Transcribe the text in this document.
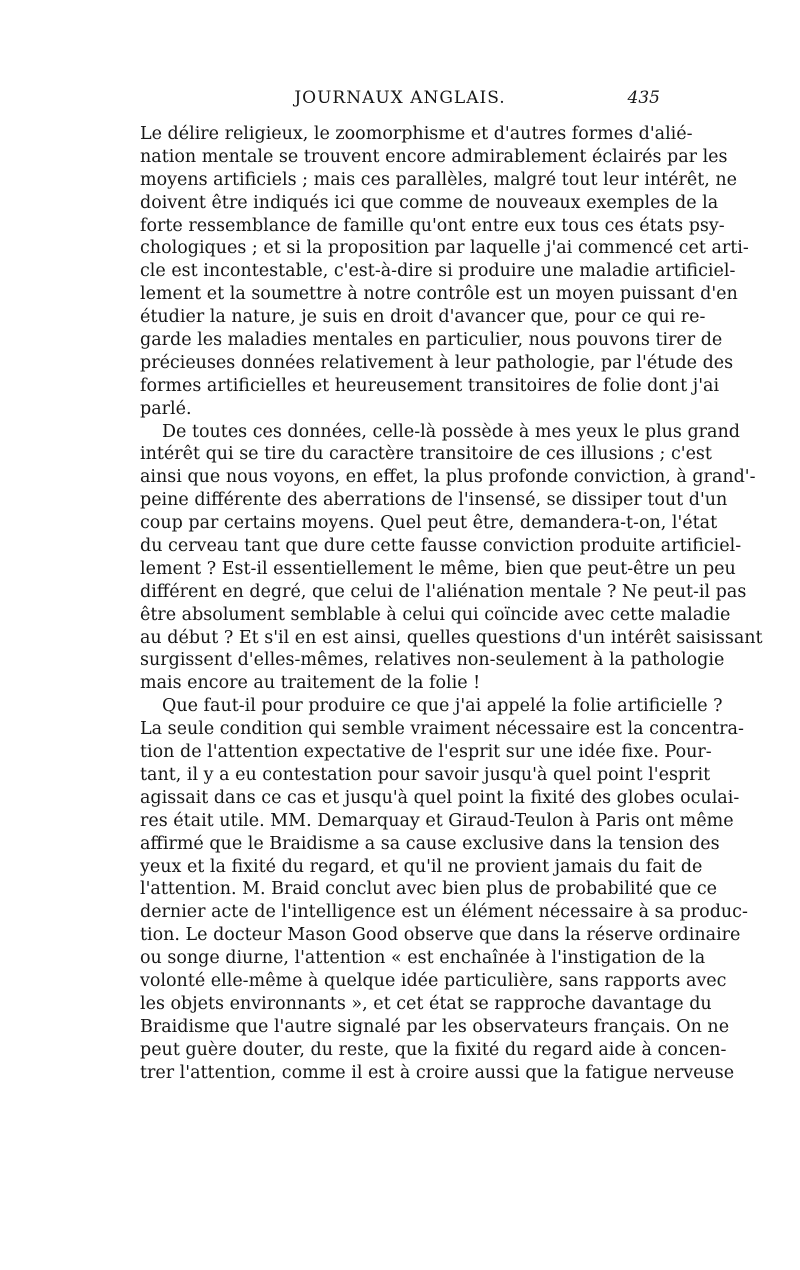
JOURNAUX ANGLAIS.	435
Le délire religieux, le zoomorphisme et d'autres formes d'alié-
nation mentale se trouvent encore admirablement éclairés par les
moyens artificiels ; mais ces parallèles, malgré tout leur intérêt, ne
doivent être indiqués ici que comme de nouveaux exemples de la
forte ressemblance de famille qu'ont entre eux tous ces états psy-
chologiques ; et si la proposition par laquelle j'ai commencé cet arti-
cle est incontestable, c'est-à-dire si produire une maladie artificiel-
lement et la soumettre à notre contrôle est un moyen puissant d'en
étudier la nature, je suis en droit d'avancer que, pour ce qui re-
garde les maladies mentales en particulier, nous pouvons tirer de
précieuses données relativement à leur pathologie, par l'étude des
formes artificielles et heureusement transitoires de folie dont j'ai
parlé.
De toutes ces données, celle-là possède à mes yeux le plus grand
intérêt qui se tire du caractère transitoire de ces illusions ; c'est
ainsi que nous voyons, en effet, la plus profonde conviction, à grand'-
peine différente des aberrations de l'insensé, se dissiper tout d'un
coup par certains moyens. Quel peut être, demandera-t-on, l'état
du cerveau tant que dure cette fausse conviction produite artificiel-
lement ? Est-il essentiellement le même, bien que peut-être un peu
différent en degré, que celui de l'aliénation mentale ? Ne peut-il pas
être absolument semblable à celui qui coïncide avec cette maladie
au début ? Et s'il en est ainsi, quelles questions d'un intérêt saisissant
surgissent d'elles-mêmes, relatives non-seulement à la pathologie
mais encore au traitement de la folie !
Que faut-il pour produire ce que j'ai appelé la folie artificielle ?
La seule condition qui semble vraiment nécessaire est la concentra-
tion de l'attention expectative de l'esprit sur une idée fixe. Pour-
tant, il y a eu contestation pour savoir jusqu'à quel point l'esprit
agissait dans ce cas et jusqu'à quel point la fixité des globes oculai-
res était utile. MM. Demarquay et Giraud-Teulon à Paris ont même
affirmé que le Braidisme a sa cause exclusive dans la tension des
yeux et la fixité du regard, et qu'il ne provient jamais du fait de
l'attention. M. Braid conclut avec bien plus de probabilité que ce
dernier acte de l'intelligence est un élément nécessaire à sa produc-
tion. Le docteur Mason Good observe que dans la réserve ordinaire
ou songe diurne, l'attention « est enchaînée à l'instigation de la
volonté elle-même à quelque idée particulière, sans rapports avec
les objets environnants », et cet état se rapproche davantage du
Braidisme que l'autre signalé par les observateurs français. On ne
peut guère douter, du reste, que la fixité du regard aide à concen-
trer l'attention, comme il est à croire aussi que la fatigue nerveuse
